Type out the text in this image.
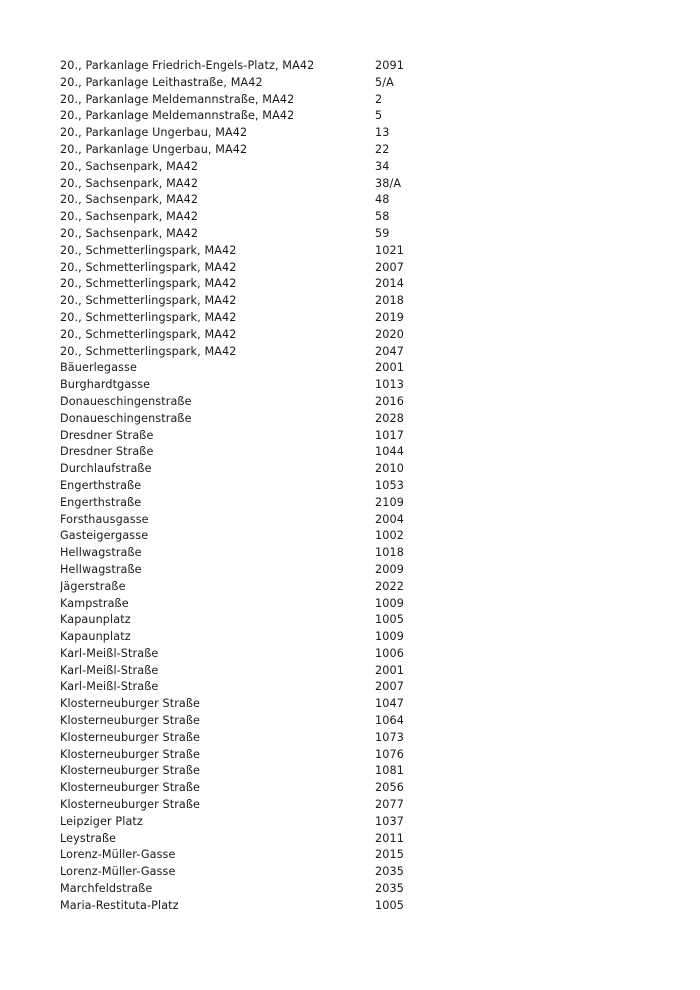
20., Parkanlage Friedrich-Engels-Platz, MA42	2091
20., Parkanlage Leithastraße, MA42	5/A
20., Parkanlage Meldemannstraße, MA42	2
20., Parkanlage Meldemannstraße, MA42	5
20., Parkanlage Ungerbau, MA42	13
20., Parkanlage Ungerbau, MA42	22
20., Sachsenpark, MA42	34
20., Sachsenpark, MA42	38/A
20., Sachsenpark, MA42	48
20., Sachsenpark, MA42	58
20., Sachsenpark, MA42	59
20., Schmetterlingspark, MA42	1021
20., Schmetterlingspark, MA42	2007
20., Schmetterlingspark, MA42	2014
20., Schmetterlingspark, MA42	2018
20., Schmetterlingspark, MA42	2019
20., Schmetterlingspark, MA42	2020
20., Schmetterlingspark, MA42	2047
Bäuerlegasse	2001
Burghardtgasse	1013
Donaueschingenstraße	2016
Donaueschingenstraße	2028
Dresdner Straße	1017
Dresdner Straße	1044
Durchlaufstraße	2010
Engerthstraße	1053
Engerthstraße	2109
Forsthausgasse	2004
Gasteigergasse	1002
Hellwagstraße	1018
Hellwagstraße	2009
Jägerstraße	2022
Kampstraße	1009
Kapaunplatz	1005
Kapaunplatz	1009
Karl-Meißl-Straße	1006
Karl-Meißl-Straße	2001
Karl-Meißl-Straße	2007
Klosterneuburger Straße	1047
Klosterneuburger Straße	1064
Klosterneuburger Straße	1073
Klosterneuburger Straße	1076
Klosterneuburger Straße	1081
Klosterneuburger Straße	2056
Klosterneuburger Straße	2077
Leipziger Platz	1037
Leystraße	2011
Lorenz-Müller-Gasse	2015
Lorenz-Müller-Gasse	2035
Marchfeldstraße	2035
Maria-Restituta-Platz	1005
